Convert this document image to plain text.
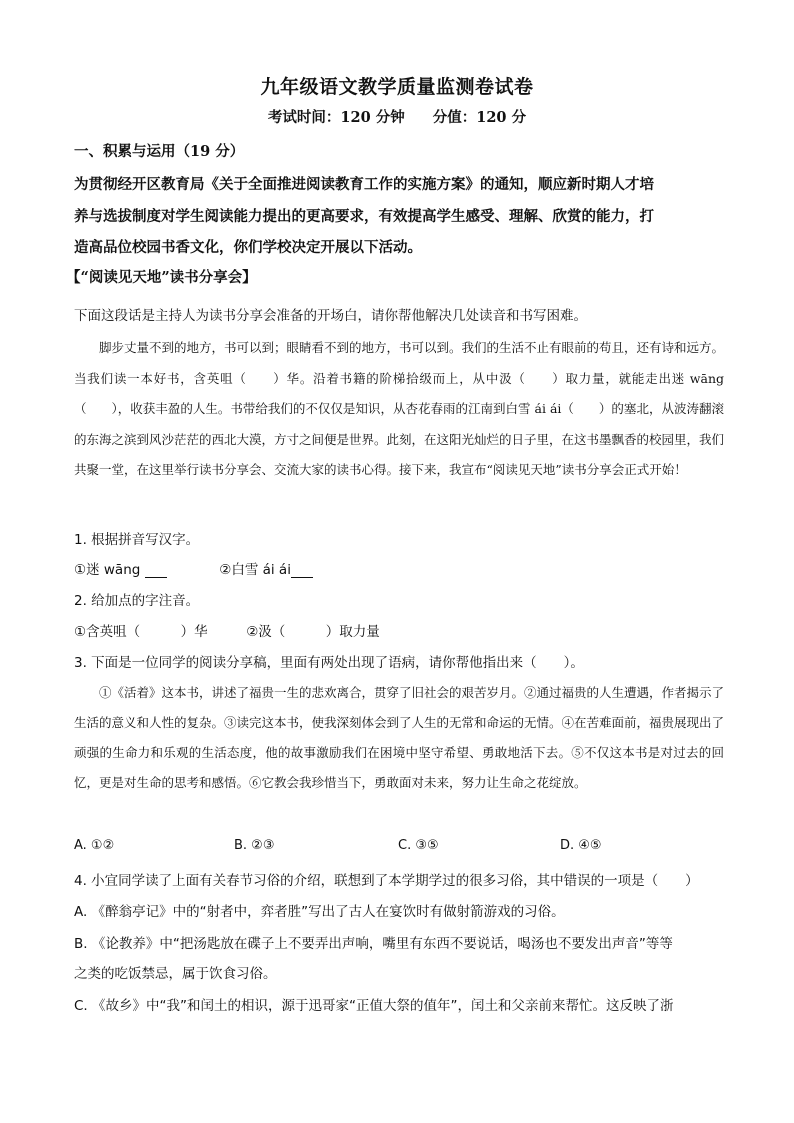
九年级语文教学质量监测卷试卷
考试时间：120 分钟 分值：120 分
一、积累与运用（19 分）
为贯彻经开区教育局《关于全面推进阅读教育工作的实施方案》的通知，顺应新时期人才培
养与选拔制度对学生阅读能力提出的更高要求，有效提高学生感受、理解、欣赏的能力，打
造高品位校园书香文化，你们学校决定开展以下活动。
【“阅读见天地”读书分享会】
下面这段话是主持人为读书分享会准备的开场白，请你帮他解决几处读音和书写困难。

脚步丈量不到的地方，书可以到；眼睛看不到的地方，书可以到。我们的生活不止有眼前的苟且，还有诗和远方。当我们读一本好书，含英咀（　　）华。沿着书籍的阶梯拾级而上，从中汲（　　）取力量，就能走出迷 wāng（　　），收获丰盈的人生。书带给我们的不仅仅是知识，从杏花春雨的江南到白雪 ái ái（　　）的塞北，从波涛翻滚的东海之滨到风沙茫茫的西北大漠，方寸之间便是世界。此刻，在这阳光灿烂的日子里，在这书墨飘香的校园里，我们共聚一堂，在这里举行读书分享会、交流大家的读书心得。接下来，我宣布“阅读见天地”读书分享会正式开始！

1. 根据拼音写汉字。
①迷 wāng	②白雪 ái ái
2. 给加点的字注音。
①含英咀（　　　）华	②汲（　　　）取力量
3. 下面是一位同学的阅读分享稿，里面有两处出现了语病，请你帮他指出来（　　）。

①《活着》这本书，讲述了福贵一生的悲欢离合，贯穿了旧社会的艰苦岁月。②通过福贵的人生遭遇，作者揭示了生活的意义和人性的复杂。③读完这本书，使我深刻体会到了人生的无常和命运的无情。④在苦难面前，福贵展现出了顽强的生命力和乐观的生活态度，他的故事激励我们在困境中坚守希望、勇敢地活下去。⑤不仅这本书是对过去的回忆，更是对生命的思考和感悟。⑥它教会我珍惜当下，勇敢面对未来，努力让生命之花绽放。

A. ①②	B. ②③	C. ③⑤	D. ④⑤
4. 小宜同学读了上面有关春节习俗的介绍，联想到了本学期学过的很多习俗，其中错误的一项是（　　）
A. 《醉翁亭记》中的“射者中，弈者胜”写出了古人在宴饮时有做射箭游戏的习俗。
B. 《论教养》中“把汤匙放在碟子上不要弄出声响，嘴里有东西不要说话，喝汤也不要发出声音”等等
之类的吃饭禁忌，属于饮食习俗。
C. 《故乡》中“我”和闰土的相识，源于迅哥家“正值大祭的值年”，闰土和父亲前来帮忙。这反映了浙
